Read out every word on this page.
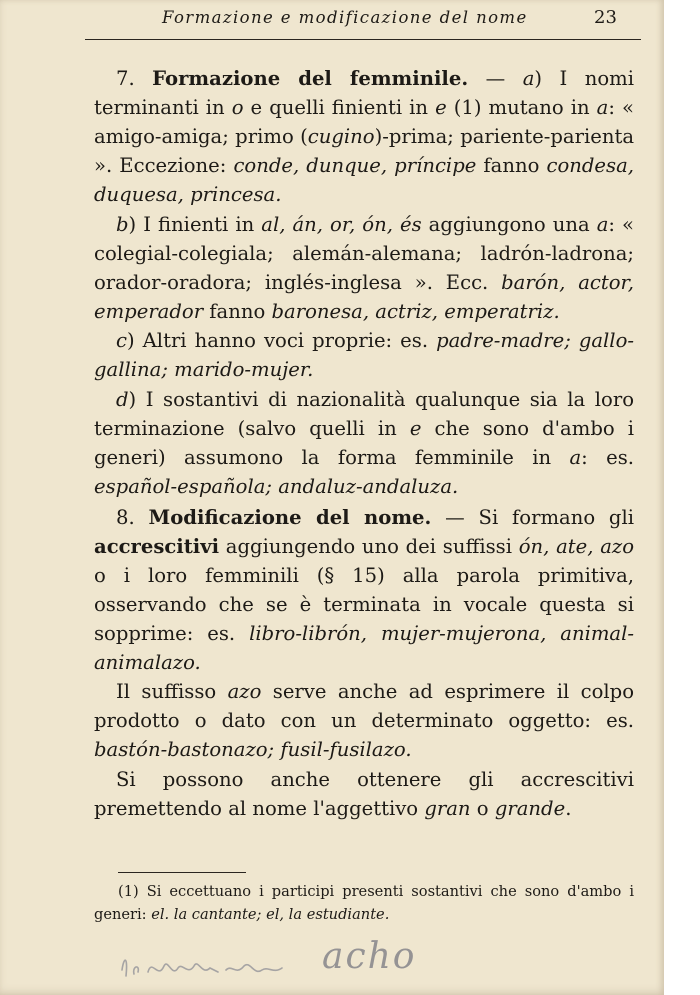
Formazione e modificazione del nome	23

7. Formazione del femminile. — a) I nomi terminanti in o e quelli finienti in e (1) mutano in a: « amigo-amiga; primo (cugino)-prima; pariente-parienta ». Eccezione: conde, dunque, príncipe fanno condesa, duquesa, princesa.

b) I finienti in al, án, or, ón, és aggiungono una a: « colegial-colegiala; alemán-alemana; ladrón-ladrona; orador-oradora; inglés-inglesa ». Ecc. barón, actor, emperador fanno baronesa, actriz, emperatriz.

c) Altri hanno voci proprie: es. padre-madre; gallo-gallina; marido-mujer.

d) I sostantivi di nazionalità qualunque sia la loro terminazione (salvo quelli in e che sono d'ambo i generi) assumono la forma femminile in a: es. español-española; andaluz-andaluza.

8. Modificazione del nome. — Si formano gli accrescitivi aggiungendo uno dei suffissi ón, ate, azo o i loro femminili (§ 15) alla parola primitiva, osservando che se è terminata in vocale questa si sopprime: es. libro-librón, mujer-mujerona, animal-animalazo.

Il suffisso azo serve anche ad esprimere il colpo prodotto o dato con un determinato oggetto: es. bastón-bastonazo; fusil-fusilazo.

Si possono anche ottenere gli accrescitivi premettendo al nome l'aggettivo gran o grande.

(1) Si eccettuano i participi presenti sostantivi che sono d'ambo i generi: el. la cantante; el, la estudiante.

acho
